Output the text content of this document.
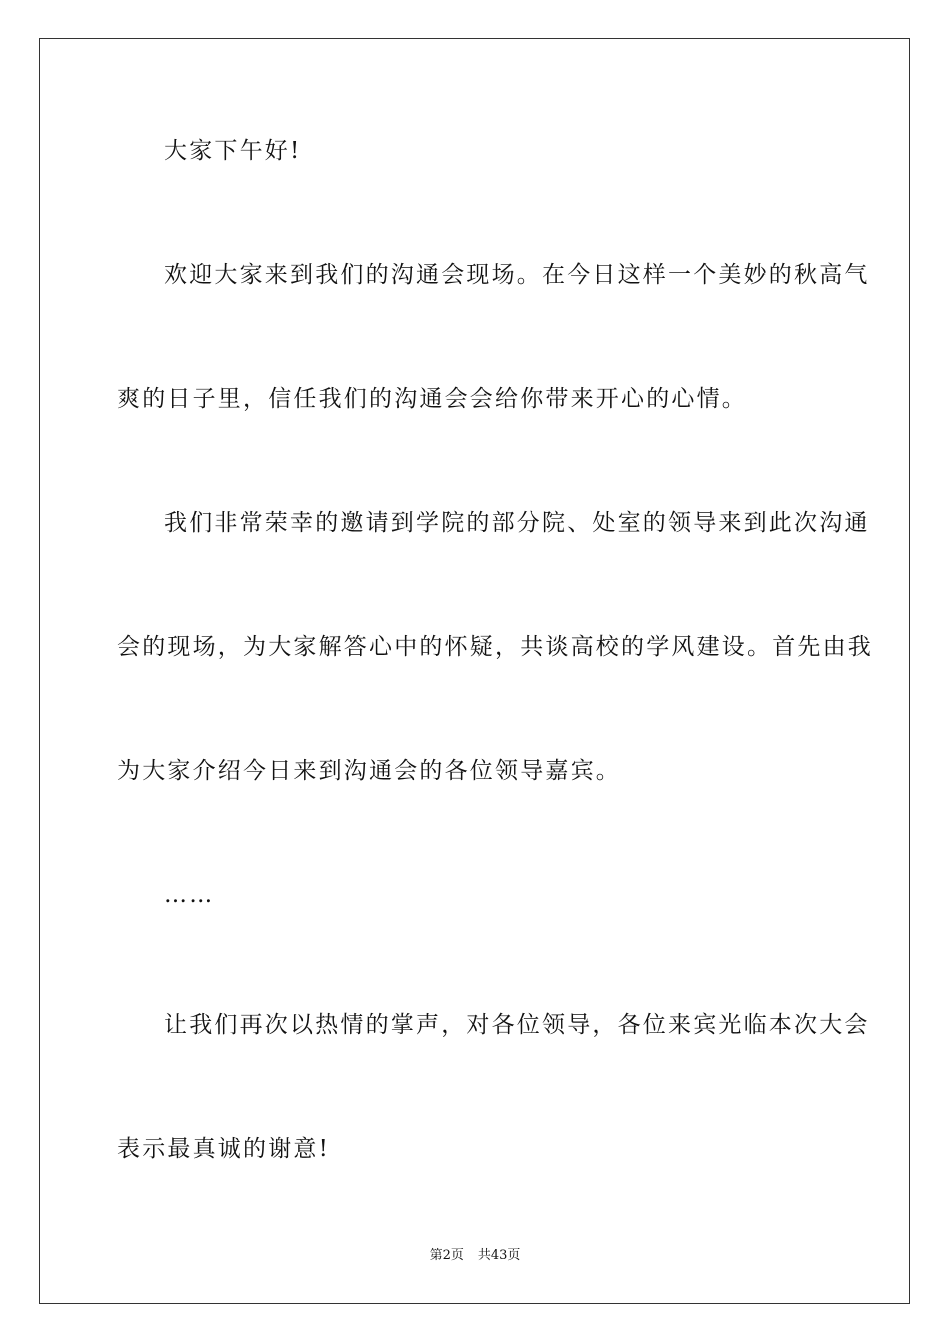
大家下午好!
欢迎大家来到我们的沟通会现场。在今日这样一个美妙的秋高气
爽的日子里，信任我们的沟通会会给你带来开心的心情。
我们非常荣幸的邀请到学院的部分院、处室的领导来到此次沟通
会的现场，为大家解答心中的怀疑，共谈高校的学风建设。首先由我
为大家介绍今日来到沟通会的各位领导嘉宾。
……
让我们再次以热情的掌声，对各位领导，各位来宾光临本次大会
表示最真诚的谢意!
第2页 共43页
